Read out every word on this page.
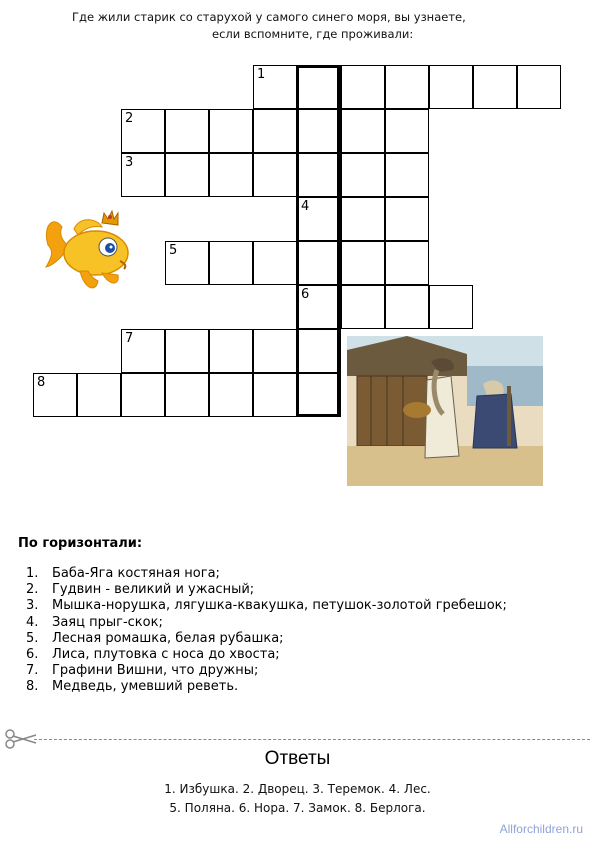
Где жили старик со старухой у самого синего моря, вы узнаете,
если вспомните, где проживали:
1
2
3
4
5
6
7
8
По горизонтали:
1. Баба-Яга костяная нога;
2. Гудвин - великий и ужасный;
3. Мышка-норушка, лягушка-квакушка, петушок-золотой гребешок;
4. Заяц прыг-скок;
5. Лесная ромашка, белая рубашка;
6. Лиса, плутовка с носа до хвоста;
7. Графини Вишни, что дружны;
8. Медведь, умевший реветь.
Ответы
1. Избушка. 2. Дворец. 3. Теремок. 4. Лес.
5. Поляна. 6. Нора. 7. Замок. 8. Берлога.
Allforchildren.ru
